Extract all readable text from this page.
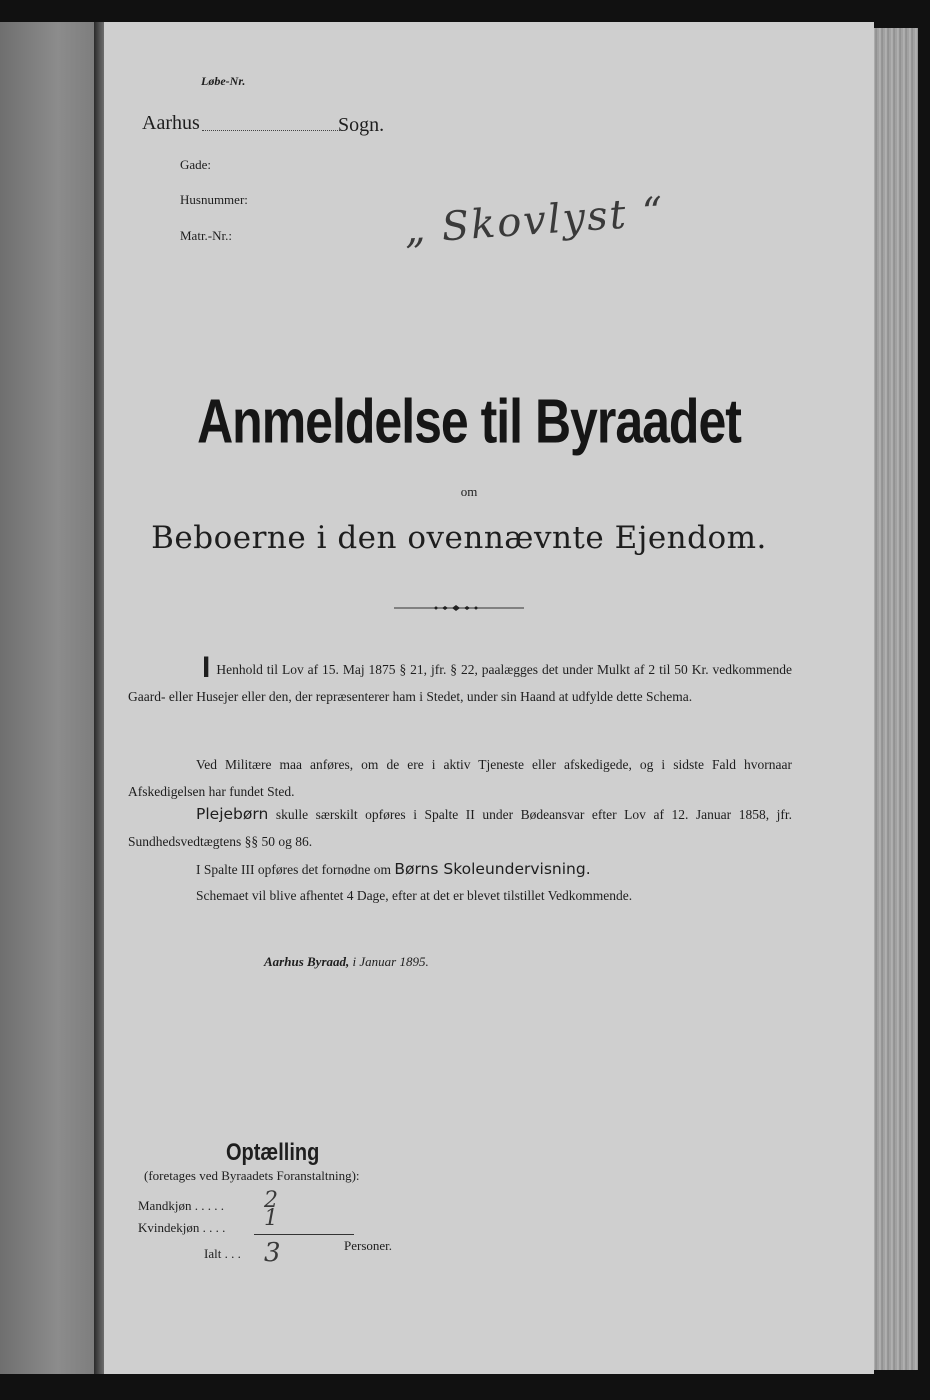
Løbe-Nr.
Aarhus	Sogn.
Gade:
Husnummer:
Matr.-Nr.:	„ Skovlyst “
Anmeldelse til Byraadet
om
Beboerne i den ovennævnte Ejendom.
I Henhold til Lov af 15. Maj 1875 § 21, jfr. § 22, paalægges det under Mulkt af 2 til 50 Kr. vedkommende Gaard- eller Husejer eller den, der repræsenterer ham i Stedet, under sin Haand at udfylde dette Schema.
Ved Militære maa anføres, om de ere i aktiv Tjeneste eller afskedigede, og i sidste Fald hvornaar Afskedigelsen har fundet Sted.
Plejebørn skulle særskilt opføres i Spalte II under Bødeansvar efter Lov af 12. Januar 1858, jfr. Sundhedsvedtægtens §§ 50 og 86.
I Spalte III opføres det fornødne om Børns Skoleundervisning.
Schemaet vil blive afhentet 4 Dage, efter at det er blevet tilstillet Vedkommende.
Aarhus Byraad, i Januar 1895.
Optælling
(foretages ved Byraadets Foranstaltning):
Mandkjøn . . . . .
Kvindekjøn . . . .
Ialt . . .
Personer.
2
1
3
